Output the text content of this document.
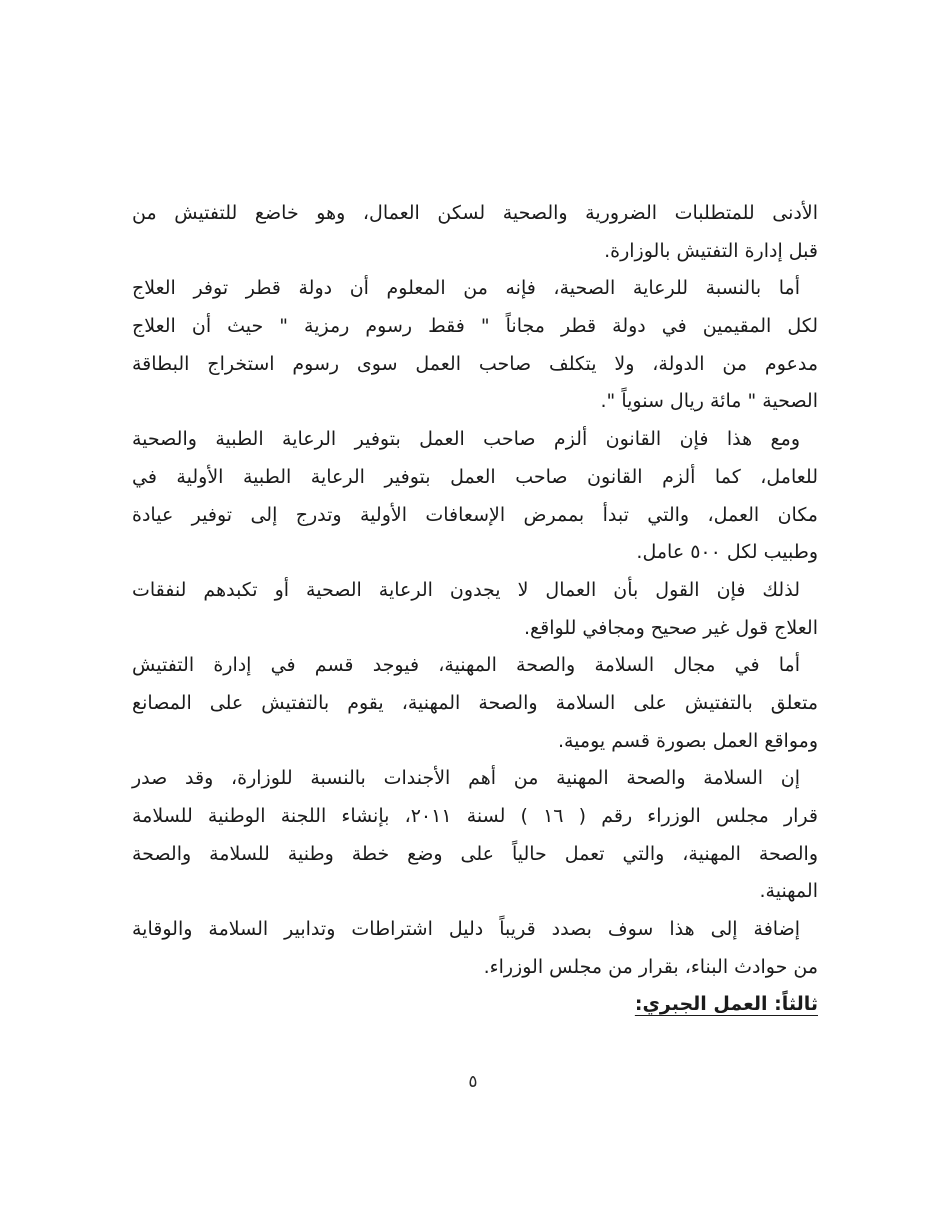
الأدنى للمتطلبات الضرورية والصحية لسكن العمال، وهو خاضع للتفتيش من
قبل إدارة التفتيش بالوزارة.
أما بالنسبة للرعاية الصحية، فإنه من المعلوم أن دولة قطر توفر العلاج
لكل المقيمين في دولة قطر مجاناً " فقط رسوم رمزية " حيث أن العلاج
مدعوم من الدولة، ولا يتكلف صاحب العمل سوى رسوم استخراج البطاقة
الصحية " مائة ريال سنوياً ".
ومع هذا فإن القانون ألزم صاحب العمل بتوفير الرعاية الطبية والصحية
للعامل، كما ألزم القانون صاحب العمل بتوفير الرعاية الطبية الأولية في
مكان العمل، والتي تبدأ بممرض الإسعافات الأولية وتدرج إلى توفير عيادة
وطبيب لكل ٥٠٠ عامل.
لذلك فإن القول بأن العمال لا يجدون الرعاية الصحية أو تكبدهم لنفقات
العلاج قول غير صحيح ومجافي للواقع.
أما في مجال السلامة والصحة المهنية، فيوجد قسم في إدارة التفتيش
متعلق بالتفتيش على السلامة والصحة المهنية، يقوم بالتفتيش على المصانع
ومواقع العمل بصورة قسم يومية.
إن السلامة والصحة المهنية من أهم الأجندات بالنسبة للوزارة، وقد صدر
قرار مجلس الوزراء رقم ( ١٦ ) لسنة ٢٠١١، بإنشاء اللجنة الوطنية للسلامة
والصحة المهنية، والتي تعمل حالياً على وضع خطة وطنية للسلامة والصحة
المهنية.
إضافة إلى هذا سوف بصدد قريباً دليل اشتراطات وتدابير السلامة والوقاية
من حوادث البناء، بقرار من مجلس الوزراء.
ثالثاً: العمل الجبري:
٥
